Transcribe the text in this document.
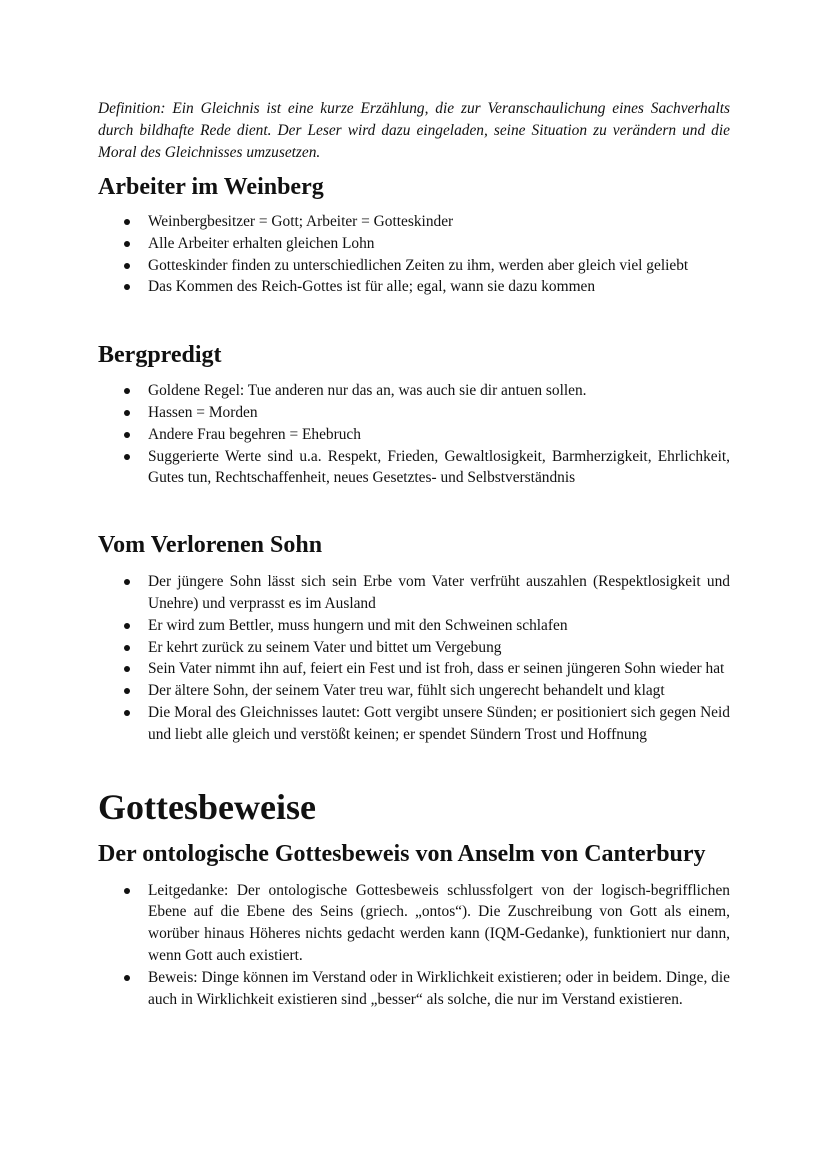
Definition: Ein Gleichnis ist eine kurze Erzählung, die zur Veranschaulichung eines Sachverhalts durch bildhafte Rede dient. Der Leser wird dazu eingeladen, seine Situation zu verändern und die Moral des Gleichnisses umzusetzen.

Arbeiter im Weinberg
Weinbergbesitzer = Gott; Arbeiter = Gotteskinder
Alle Arbeiter erhalten gleichen Lohn
Gotteskinder finden zu unterschiedlichen Zeiten zu ihm, werden aber gleich viel geliebt
Das Kommen des Reich-Gottes ist für alle; egal, wann sie dazu kommen
Bergpredigt
Goldene Regel: Tue anderen nur das an, was auch sie dir antuen sollen.
Hassen = Morden
Andere Frau begehren = Ehebruch
Suggerierte Werte sind u.a. Respekt, Frieden, Gewaltlosigkeit, Barmherzigkeit, Ehrlichkeit, Gutes tun, Rechtschaffenheit, neues Gesetztes- und Selbstverständnis
Vom Verlorenen Sohn
Der jüngere Sohn lässt sich sein Erbe vom Vater verfrüht auszahlen (Respektlosigkeit und Unehre) und verprasst es im Ausland
Er wird zum Bettler, muss hungern und mit den Schweinen schlafen
Er kehrt zurück zu seinem Vater und bittet um Vergebung
Sein Vater nimmt ihn auf, feiert ein Fest und ist froh, dass er seinen jüngeren Sohn wieder hat
Der ältere Sohn, der seinem Vater treu war, fühlt sich ungerecht behandelt und klagt
Die Moral des Gleichnisses lautet: Gott vergibt unsere Sünden; er positioniert sich gegen Neid und liebt alle gleich und verstößt keinen; er spendet Sündern Trost und Hoffnung
Gottesbeweise
Der ontologische Gottesbeweis von Anselm von Canterbury
Leitgedanke: Der ontologische Gottesbeweis schlussfolgert von der logisch-begrifflichen Ebene auf die Ebene des Seins (griech. „ontos“). Die Zuschreibung von Gott als einem, worüber hinaus Höheres nichts gedacht werden kann (IQM-Gedanke), funktioniert nur dann, wenn Gott auch existiert.
Beweis: Dinge können im Verstand oder in Wirklichkeit existieren; oder in beidem. Dinge, die auch in Wirklichkeit existieren sind „besser“ als solche, die nur im Verstand existieren.
